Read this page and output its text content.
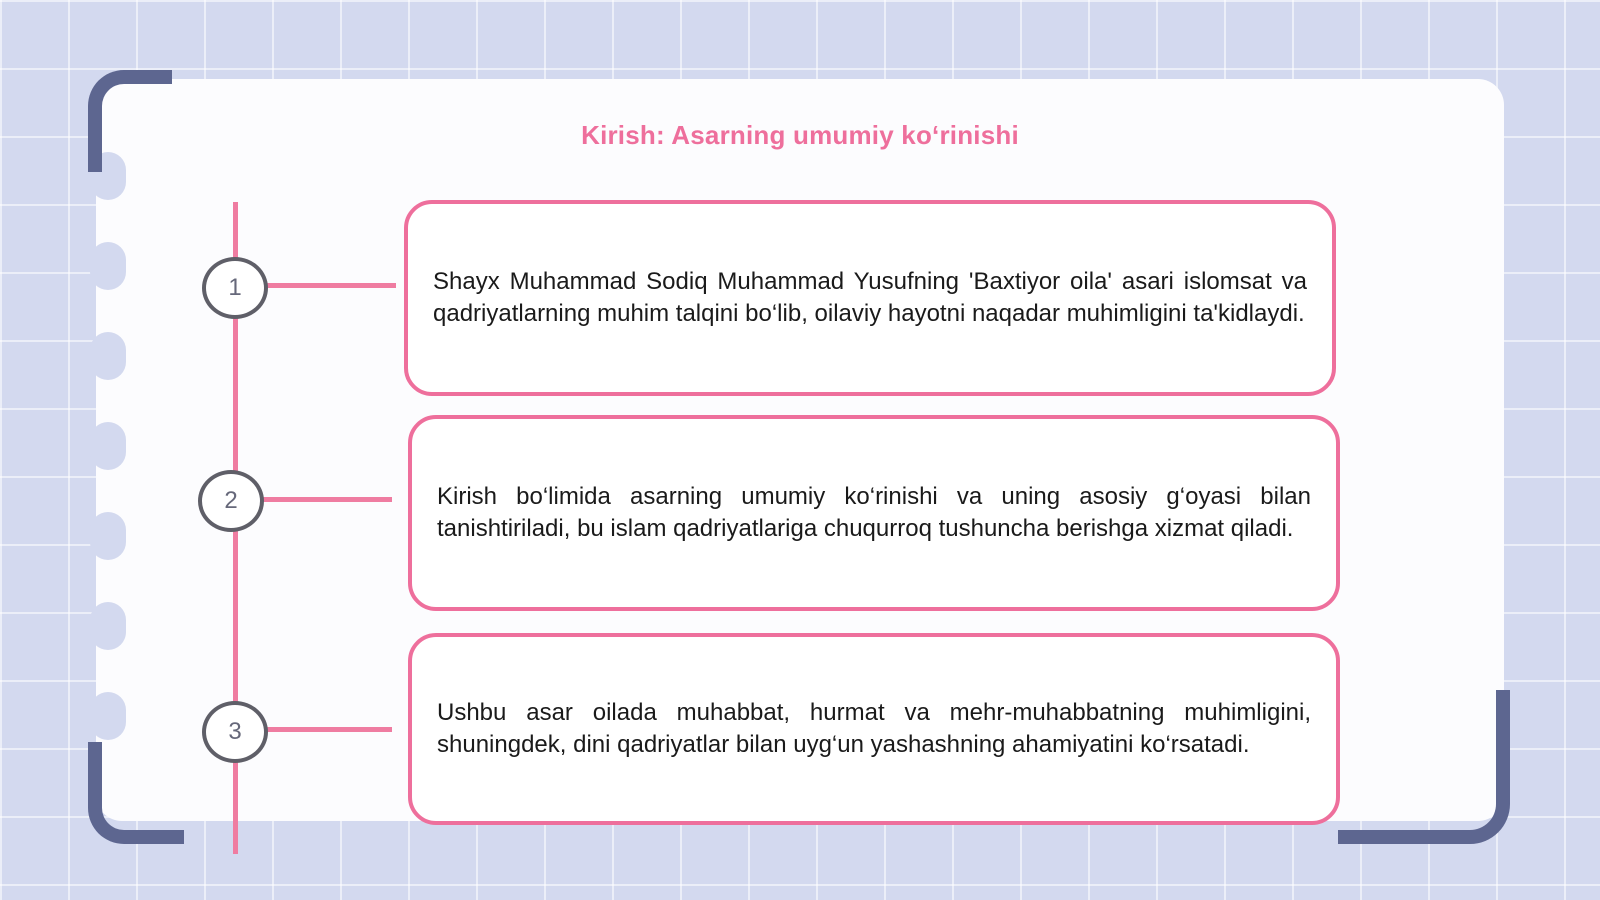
Kirish: Asarning umumiy ko‘rinishi
1	Shayx Muhammad Sodiq Muhammad Yusufning 'Baxtiyor oila' asari islomsat va qadriyatlarning muhim talqini bo‘lib, oilaviy hayotni naqadar muhimligini ta'kidlaydi.
2	Kirish bo‘limida asarning umumiy ko‘rinishi va uning asosiy g‘oyasi bilan tanishtiriladi, bu islam qadriyatlariga chuqurroq tushuncha berishga xizmat qiladi.
3
Ushbu asar oilada muhabbat, hurmat va mehr-muhabbatning muhimligini, shuningdek, dini qadriyatlar bilan uyg‘un yashashning ahamiyatini ko‘rsatadi.
